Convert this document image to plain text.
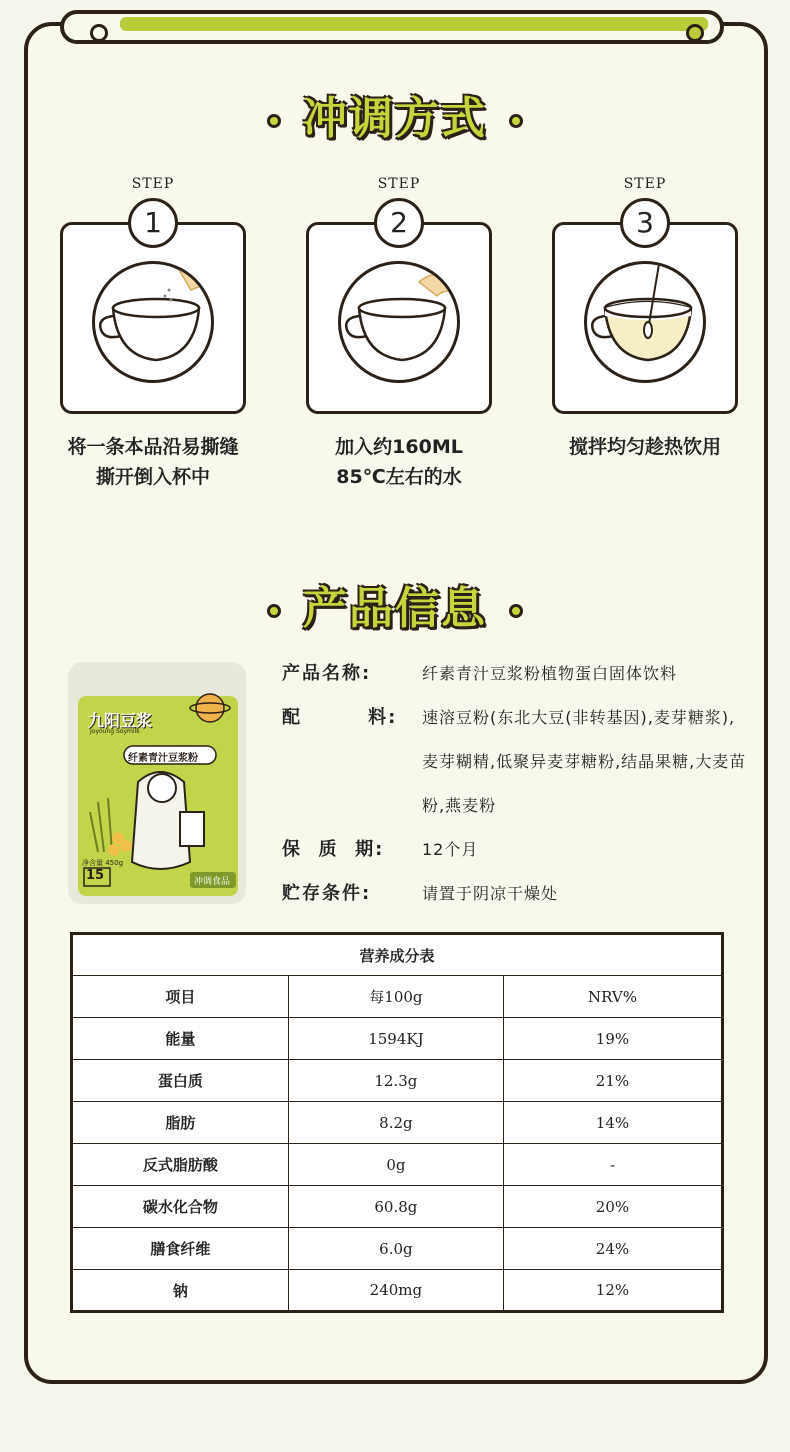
冲调方式
STEP
1
将一条本品沿易撕缝
撕开倒入杯中
STEP
2
加入约160ML
85℃左右的水
STEP
3
搅拌均匀趁热饮用
产品信息
九阳豆浆
Joyoung Soymilk
纤素青汁豆浆粉
净含量 450g
15	冲调食品
产品名称:	纤素青汁豆浆粉植物蛋白固体饮料
配        料: 速溶豆粉(东北大豆(非转基因),麦芽糖浆),麦芽糊精,低聚异麦芽糖粉,结晶果糖,大麦苗粉,燕麦粉
保  质  期:	12个月
贮存条件:	请置于阴凉干燥处
营养成分表		
项目	每100g	NRV%
能量	1594KJ	19%
蛋白质	12.3g	21%
脂肪	8.2g	14%
反式脂肪酸	0g	-
碳水化合物	60.8g	20%
膳食纤维	6.0g	24%
钠	240mg	12%
